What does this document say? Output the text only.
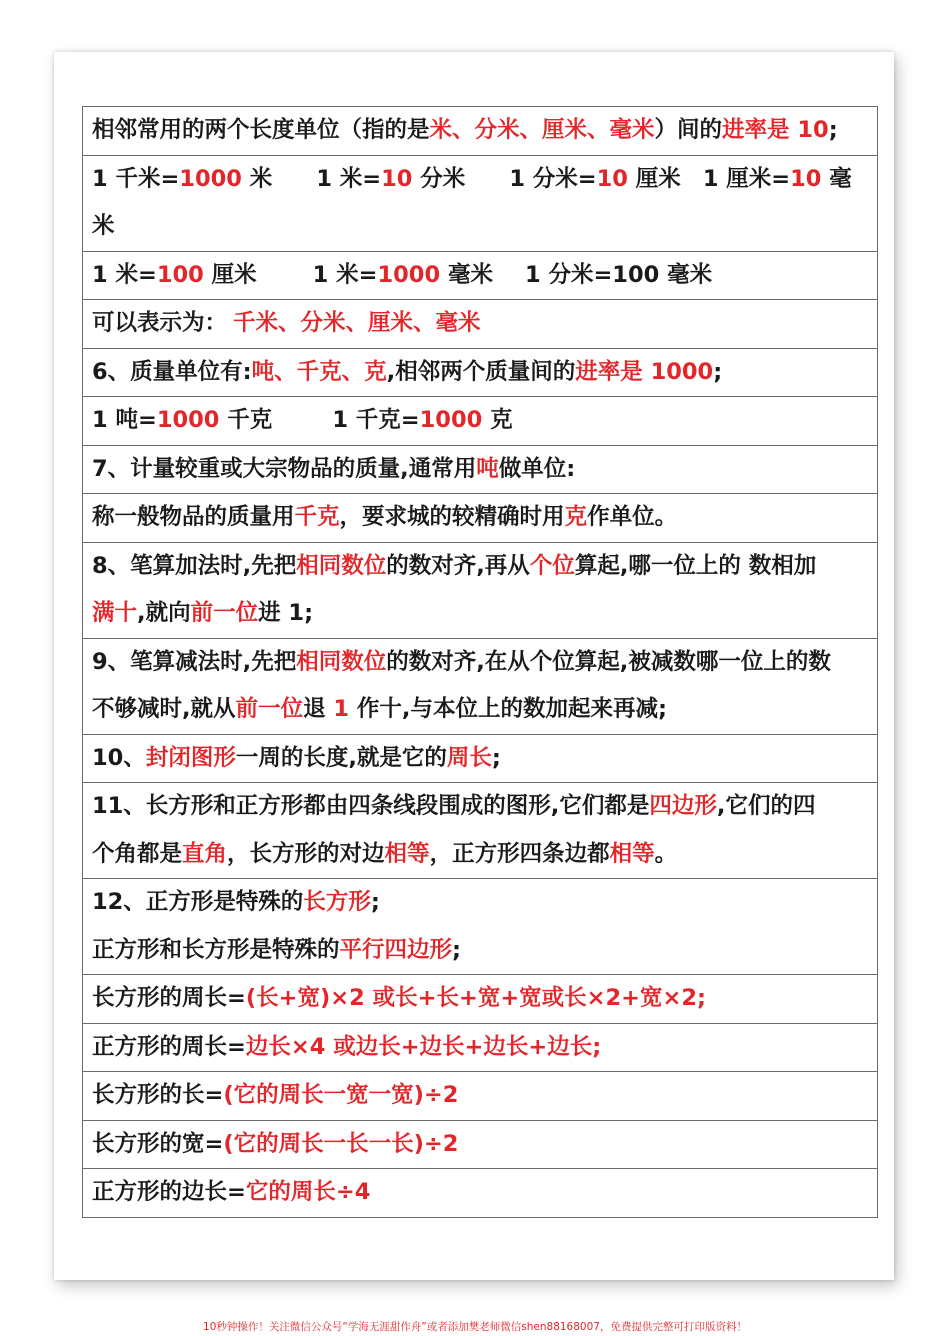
相邻常用的两个长度单位（指的是米、分米、厘米、毫米）间的进率是 10;
1 千米=1000 米 1 米=10 分米 1 分米=10 厘米 1 厘米=10 毫
米
1 米=100 厘米 1 米=1000 毫米 1 分米=100 毫米
可以表示为： 千米、分米、厘米、毫米
6、质量单位有:吨、千克、克,相邻两个质量间的进率是 1000;
1 吨=1000 千克	1 千克=1000 克
7、计量较重或大宗物品的质量,通常用吨做单位:
称一般物品的质量用千克，要求城的较精确时用克作单位。
8、笔算加法时,先把相同数位的数对齐,再从个位算起,哪一位上的 数相加
满十,就向前一位进 1;
9、笔算减法时,先把相同数位的数对齐,在从个位算起,被减数哪一位上的数
不够减时,就从前一位退 1 作十,与本位上的数加起来再减;
10、封闭图形一周的长度,就是它的周长;
11、长方形和正方形都由四条线段围成的图形,它们都是四边形,它们的四
个角都是直角，长方形的对边相等，正方形四条边都相等。
12、正方形是特殊的长方形;
正方形和长方形是特殊的平行四边形;
长方形的周长=(长+宽)×2 或长+长+宽+宽或长×2+宽×2;
正方形的周长=边长×4 或边长+边长+边长+边长;
长方形的长=(它的周长一宽一宽)÷2
长方形的宽=(它的周长一长一长)÷2
正方形的边长=它的周长÷4
10秒钟操作！关注微信公众号“学海无涯甜作舟”或者添加樊老师微信shen88168007，免费提供完整可打印版资料！
